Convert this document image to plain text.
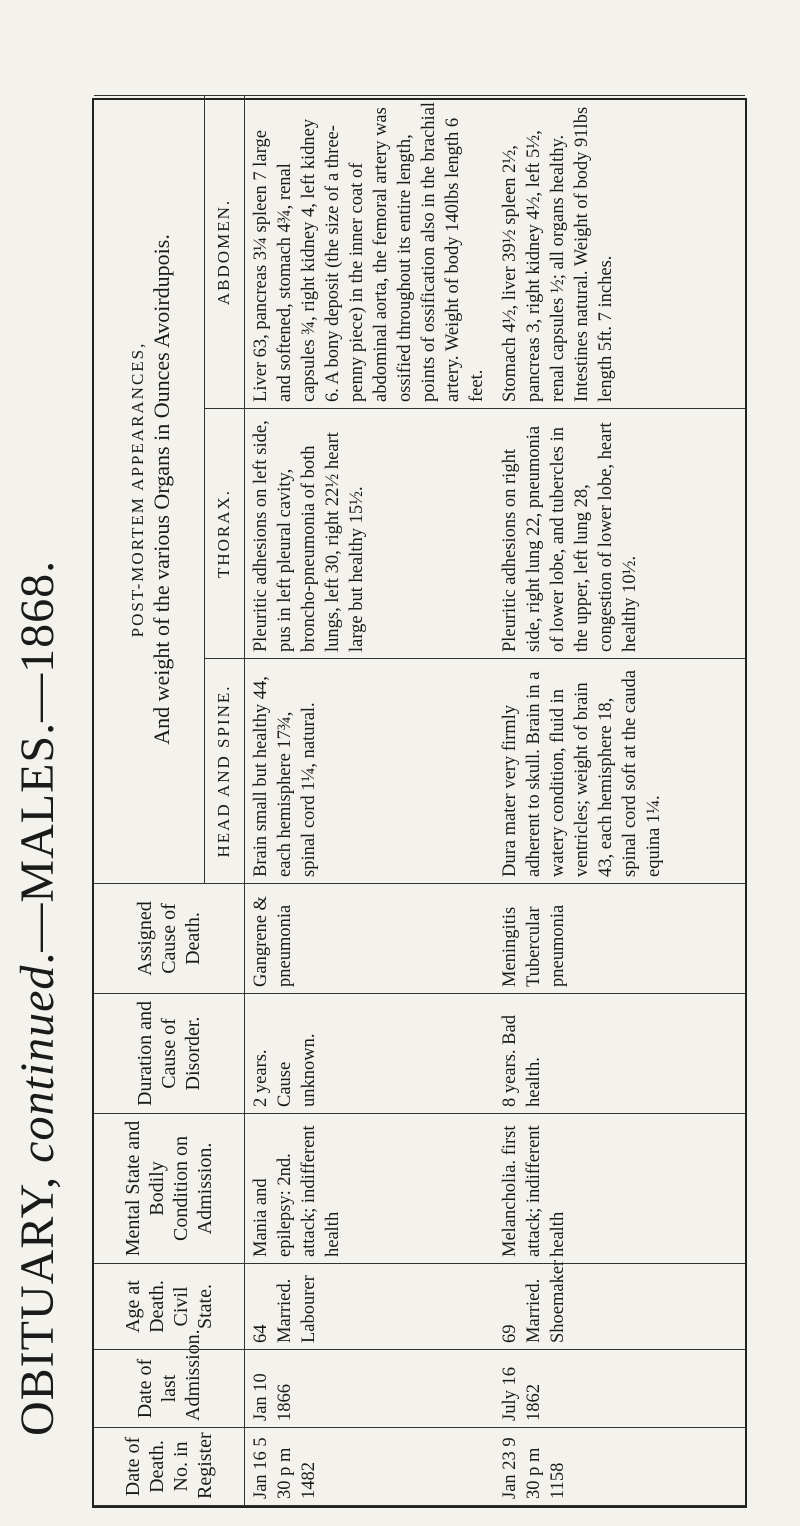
OBITUARY, continued.—MALES.—1868.
Date of Death. No. in Register	Date of last Admission.	Age at Death. Civil State.	Mental State and Bodily Condition on Admission.	Duration and Cause of Disorder.	Assigned Cause of Death.	POST-MORTEM APPEARANCES, And weight of the various Organs in Ounces Avoirdupois.		

						HEAD AND SPINE.	THORAX.	ABDOMEN.
Jan 16 5 30 p m 1482	Jan 10 1866	64 Married. Labourer	Mania and epilepsy: 2nd. attack; indifferent health	2 years. Cause unknown.	Gangrene & pneumonia	Brain small but healthy 44, each hemisphere 17¾, spinal cord 1¼, natural.	Pleuritic adhesions on left side, pus in left pleural cavity, broncho-pneumonia of both lungs, left 30, right 22½ heart large but healthy 15½.	Liver 63, pancreas 3¼ spleen 7 large and softened, stomach 4¾, renal capsules ¾, right kidney 4, left kidney 6. A bony deposit (the size of a three-penny piece) in the inner coat of abdominal aorta, the femoral artery was ossified throughout its entire length, points of ossification also in the brachial artery. Weight of body 140lbs length 6 feet.
Jan 23 9 30 p m 1158	July 16 1862	69 Married. Shoemaker	Melancholia. first attack; indifferent health	8 years. Bad health.	Meningitis Tubercular pneumonia	Dura mater very firmly adherent to skull. Brain in a watery condition, fluid in ventricles; weight of brain 43, each hemisphere 18, spinal cord soft at the cauda equina 1¼.	Pleuritic adhesions on right side, right lung 22, pneumonia of lower lobe, and tubercles in the upper, left lung 28, congestion of lower lobe, heart healthy 10½.	Stomach 4½, liver 39½ spleen 2½, pancreas 3, right kidney 4½, left 5½, renal capsules ½; all organs healthy. Intestines natural. Weight of body 91lbs length 5ft. 7 inches.
